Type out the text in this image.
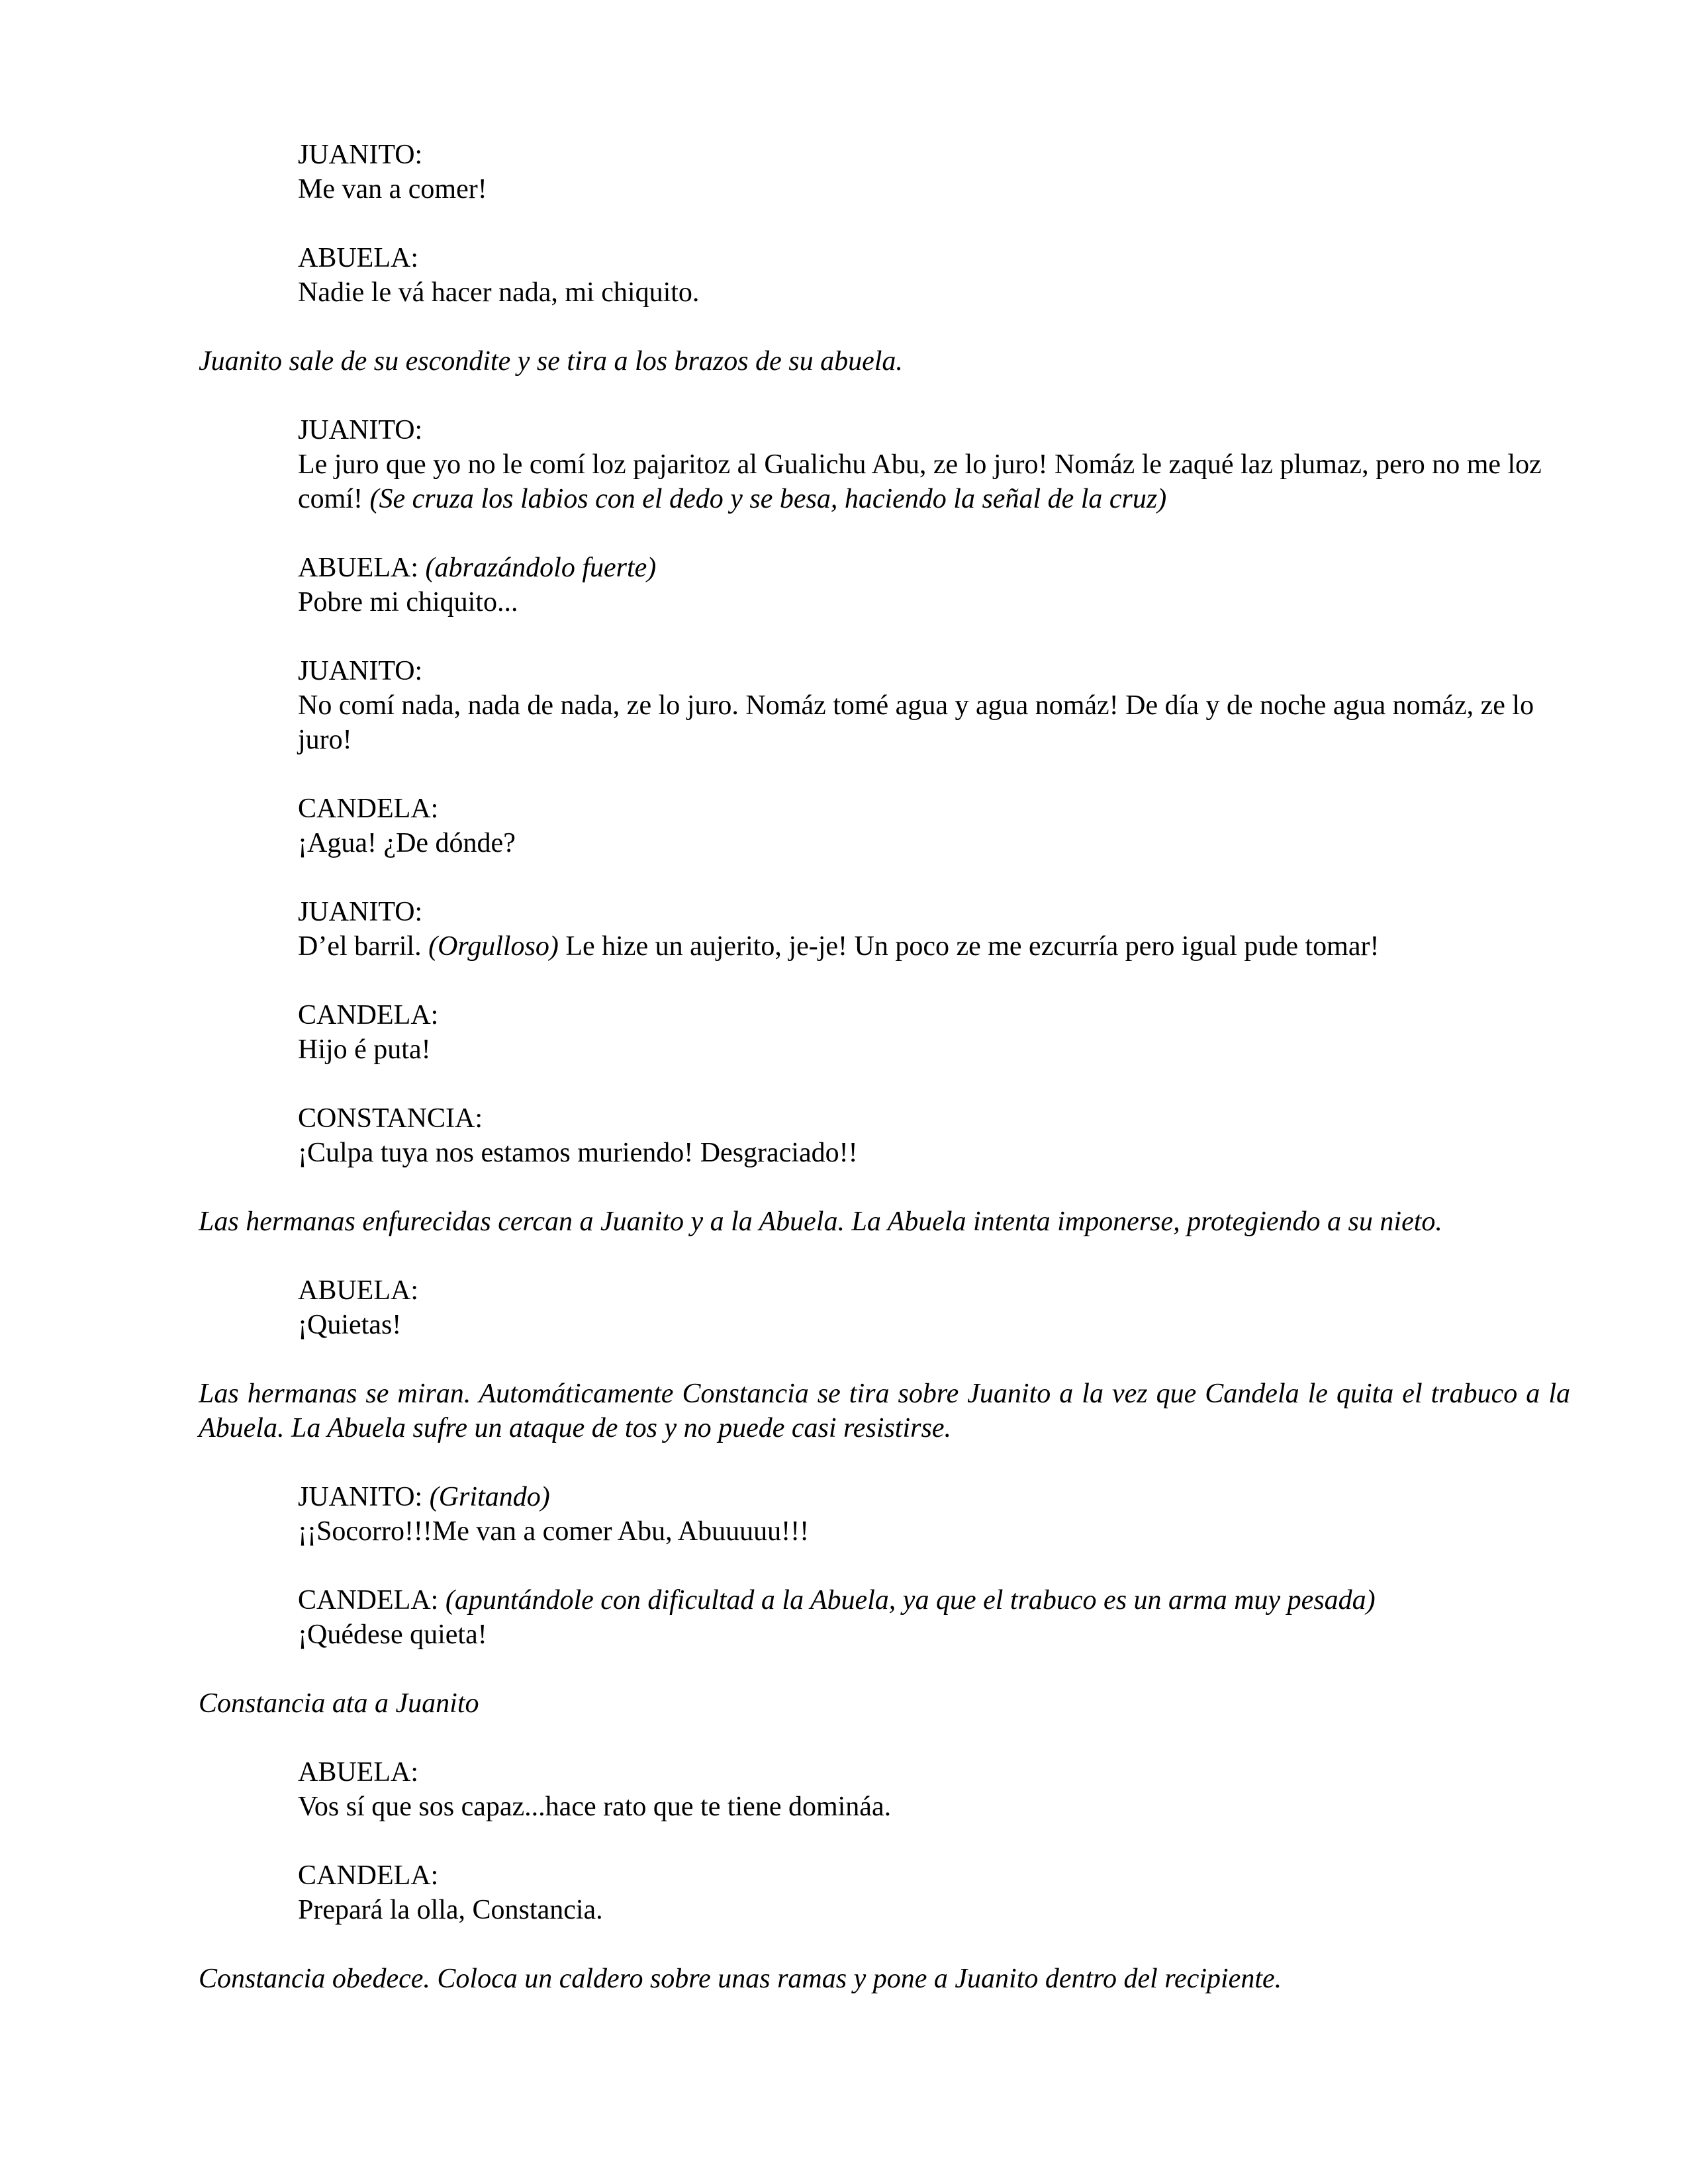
JUANITO:
Me van a comer!
ABUELA:
Nadie le vá hacer nada, mi chiquito.

Juanito sale de su escondite y se tira a los brazos de su abuela.

JUANITO:
Le juro que yo no le comí loz pajaritoz al Gualichu Abu, ze lo juro! Nomáz le zaqué laz plumaz, pero no me loz comí! (Se cruza los labios con el dedo y se besa, haciendo la señal de la cruz)
ABUELA: (abrazándolo fuerte)
Pobre mi chiquito...
JUANITO:
No comí nada, nada de nada, ze lo juro. Nomáz tomé agua y agua nomáz! De día y de noche agua nomáz, ze lo juro!
CANDELA:
¡Agua! ¿De dónde?
JUANITO:
D’el barril. (Orgulloso) Le hize un aujerito, je-je! Un poco ze me ezcurría pero igual pude tomar!
CANDELA:
Hijo é puta!
CONSTANCIA:
¡Culpa tuya nos estamos muriendo! Desgraciado!!

Las hermanas enfurecidas cercan a Juanito y a la Abuela. La Abuela intenta imponerse, protegiendo a su nieto.

ABUELA:
¡Quietas!

Las hermanas se miran. Automáticamente Constancia se tira sobre Juanito a la vez que Candela le quita el trabuco a la Abuela. La Abuela sufre un ataque de tos y no puede casi resistirse.

JUANITO: (Gritando)
¡¡Socorro!!!Me van a comer Abu, Abuuuuu!!!
CANDELA: (apuntándole con dificultad a la Abuela, ya que el trabuco es un arma muy pesada)
¡Quédese quieta!

Constancia ata a Juanito

ABUELA:
Vos sí que sos capaz...hace rato que te tiene domináa.
CANDELA:
Prepará la olla, Constancia.

Constancia obedece. Coloca un caldero sobre unas ramas y pone a Juanito dentro del recipiente.
